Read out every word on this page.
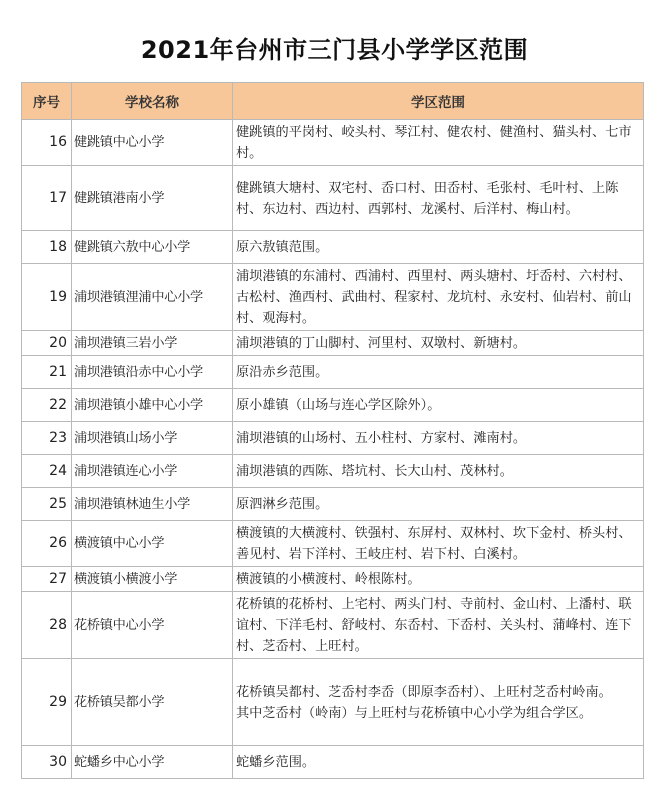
2021年台州市三门县小学学区范围
序号	学校名称	学区范围
16	健跳镇中心小学	健跳镇的平岗村、峧头村、琴江村、健农村、健渔村、猫头村、七市村。

17	健跳镇港南小学	健跳镇大塘村、双宅村、岙口村、田岙村、毛张村、毛叶村、上陈村、东边村、西边村、西郭村、龙溪村、后洋村、梅山村。

18	健跳镇六敖中心小学	原六敖镇范围。

19	浦坝港镇浬浦中心小学	浦坝港镇的东浦村、西浦村、西里村、两头塘村、圩岙村、六村村、古松村、渔西村、武曲村、程家村、龙坑村、永安村、仙岩村、前山村、观海村。

20	浦坝港镇三岩小学	浦坝港镇的丁山脚村、河里村、双墩村、新塘村。

21	浦坝港镇沿赤中心小学	原沿赤乡范围。

22	浦坝港镇小雄中心小学	原小雄镇（山场与连心学区除外）。

23	浦坝港镇山场小学	浦坝港镇的山场村、五小柱村、方家村、滩南村。

24	浦坝港镇连心小学	浦坝港镇的西陈、塔坑村、长大山村、茂林村。

25	浦坝港镇林迪生小学	原泗淋乡范围。

26	横渡镇中心小学	横渡镇的大横渡村、铁强村、东屏村、双林村、坎下金村、桥头村、善见村、岩下洋村、王岐庄村、岩下村、白溪村。

27	横渡镇小横渡小学	横渡镇的小横渡村、岭根陈村。

28	花桥镇中心小学	花桥镇的花桥村、上宅村、两头门村、寺前村、金山村、上潘村、联谊村、下洋毛村、舒岐村、东岙村、下岙村、关头村、蒲峰村、连下村、芝岙村、上旺村。

29	花桥镇吴都小学	花桥镇吴都村、芝岙村李岙（即原李岙村）、上旺村芝岙村岭南。
其中芝岙村（岭南）与上旺村与花桥镇中心小学为组合学区。

30	蛇蟠乡中心小学	蛇蟠乡范围。
